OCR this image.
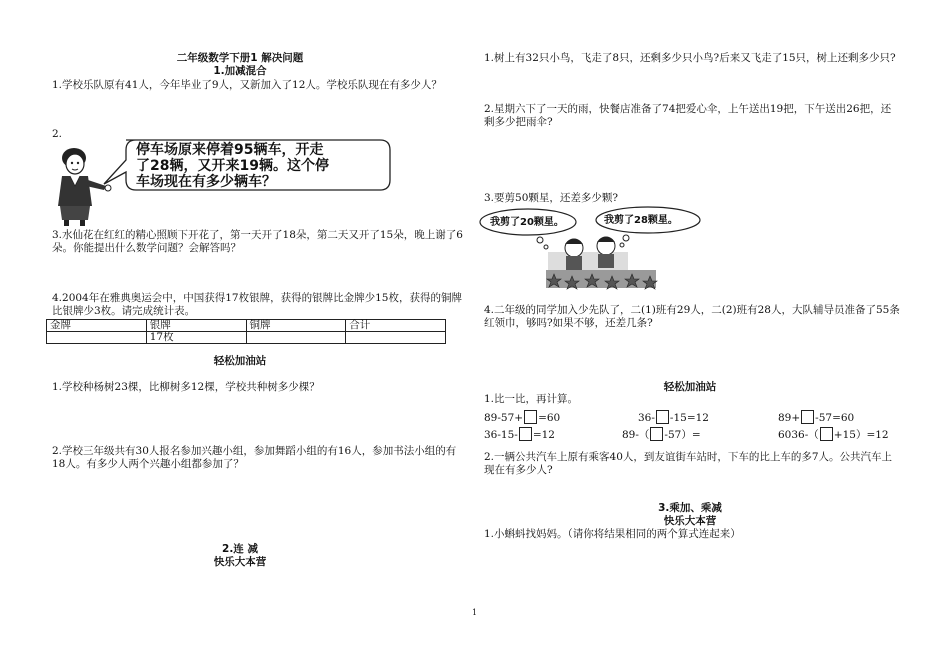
二年级数学下册1 解决问题
1.加减混合
1.学校乐队原有41人，今年毕业了9人，又新加入了12人。学校乐队现在有多少人？
2.
停车场原来停着95辆车，开走
了28辆，又开来19辆。这个停
车场现在有多少辆车？
3.水仙花在红红的精心照顾下开花了，第一天开了18朵，第二天又开了15朵，晚上谢了6朵。你能提出什么数学问题？会解答吗？
4.2004年在雅典奥运会中，中国获得17枚银牌，获得的银牌比金牌少15枚，获得的铜牌比银牌少3枚。请完成统计表。
金牌	银牌	铜牌	合计
	17枚		
轻松加油站
1.学校种杨树23棵，比柳树多12棵，学校共种树多少棵？
2.学校三年级共有30人报名参加兴趣小组，参加舞蹈小组的有16人，参加书法小组的有18人。有多少人两个兴趣小组都参加了？
2.连 减
快乐大本营
1.树上有32只小鸟，飞走了8只，还剩多少只小鸟?后来又飞走了15只，树上还剩多少只?
2.星期六下了一天的雨，快餐店准备了74把爱心伞，上午送出19把，下午送出26把，还剩多少把雨伞?
3.要剪50颗星，还差多少颗?
我剪了20颗星。	我剪了28颗星。
4.二年级的同学加入少先队了，二(1)班有29人，二(2)班有28人，大队辅导员准备了55条红领巾，够吗?如果不够，还差几条?
轻松加油站
1.比一比，再计算。
89-57+ =60	36- -15=12	89+ -57=60
36-15- =12	89-（ -57）=	6036-（ +15）=12
2.一辆公共汽车上原有乘客40人，到友谊街车站时，下车的比上车的多7人。公共汽车上现在有多少人?
3.乘加、乘减
快乐大本营
1.小蝌蚪找妈妈。（请你将结果相同的两个算式连起来）
1
